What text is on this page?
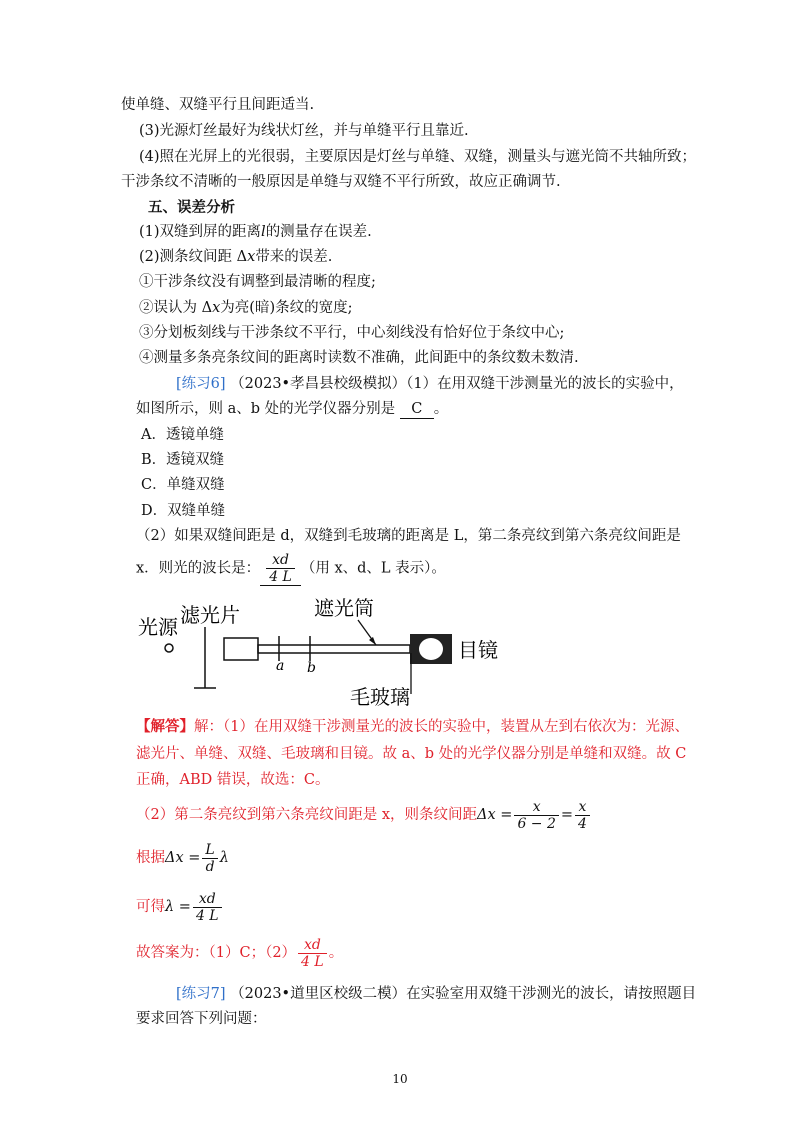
使单缝、双缝平行且间距适当.
(3)光源灯丝最好为线状灯丝，并与单缝平行且靠近.
(4)照在光屏上的光很弱，主要原因是灯丝与单缝、双缝，测量头与遮光筒不共轴所致；
干涉条纹不清晰的一般原因是单缝与双缝不平行所致，故应正确调节.
五、误差分析
(1)双缝到屏的距离l的测量存在误差.
(2)测条纹间距 Δx带来的误差.
①干涉条纹没有调整到最清晰的程度;
②误认为 Δx为亮(暗)条纹的宽度;
③分划板刻线与干涉条纹不平行，中心刻线没有恰好位于条纹中心;
④测量多条亮条纹间的距离时读数不准确，此间距中的条纹数未数清.
[练习6] （2023•孝昌县校级模拟）（1）在用双缝干涉测量光的波长的实验中，
如图所示，则 a、b 处的光学仪器分别是 C 。
A．透镜单缝
B．透镜双缝
C．单缝双缝
D．双缝单缝
（2）如果双缝间距是 d，双缝到毛玻璃的距离是 L，第二条亮纹到第六条亮纹间距是
x．则光的波长是： $\frac{xd}{4 L}$ （用 x、d、L 表示）。
光源 滤光片
a b
遮光筒
目镜
毛玻璃
【解答】解：（1）在用双缝干涉测量光的波长的实验中，装置从左到右依次为：光源、
滤光片、单缝、双缝、毛玻璃和目镜。故 a、b 处的光学仪器分别是单缝和双缝。故 C
正确，ABD 错误，故选：C。
（2）第二条亮纹到第六条亮纹间距是 x，则条纹间距$\Delta x = \frac{x}{6 - 2} = \frac{x}{4}$
根据$\Delta x = \frac{L}{d}$ λ
可得$\lambda = \frac{xd}{4 L}$
故答案为：（1）C；$(2) \frac{xd}{4 L}$ 。
[练习7] （2023•道里区校级二模）在实验室用双缝干涉测光的波长，请按照题目
要求回答下列问题：
10
